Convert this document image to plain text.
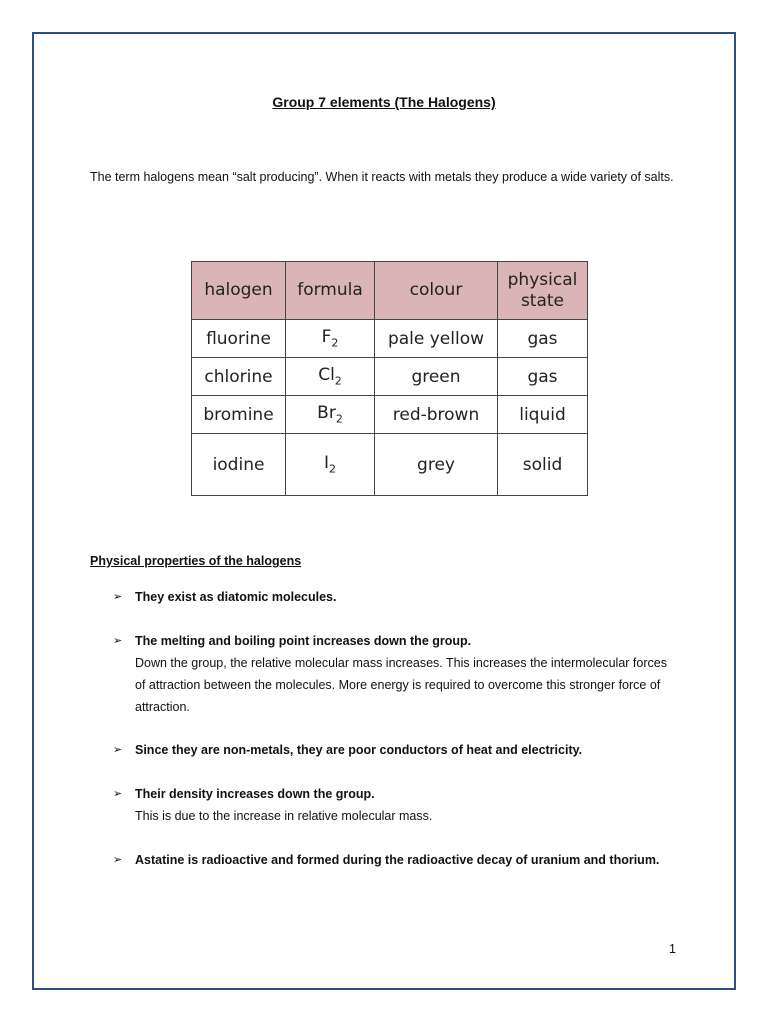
Group 7 elements (The Halogens)
The term halogens mean “salt producing”. When it reacts with metals they produce a wide variety of salts.
halogen	formula	colour	physical state
fluorine	$F_2$	pale yellow	gas
chlorine	$Cl_2$	green	gas
bromine	$Br_2$	red-brown	liquid
iodine	$I_2$	grey	solid
Physical properties of the halogens
➢ They exist as diatomic molecules.
➢ The melting and boiling point increases down the group.
Down the group, the relative molecular mass increases. This increases the intermolecular forces of attraction between the molecules. More energy is required to overcome this stronger force of attraction.
➢ Since they are non-metals, they are poor conductors of heat and electricity.
➢ Their density increases down the group.
This is due to the increase in relative molecular mass.
➢ Astatine is radioactive and formed during the radioactive decay of uranium and thorium.
1
